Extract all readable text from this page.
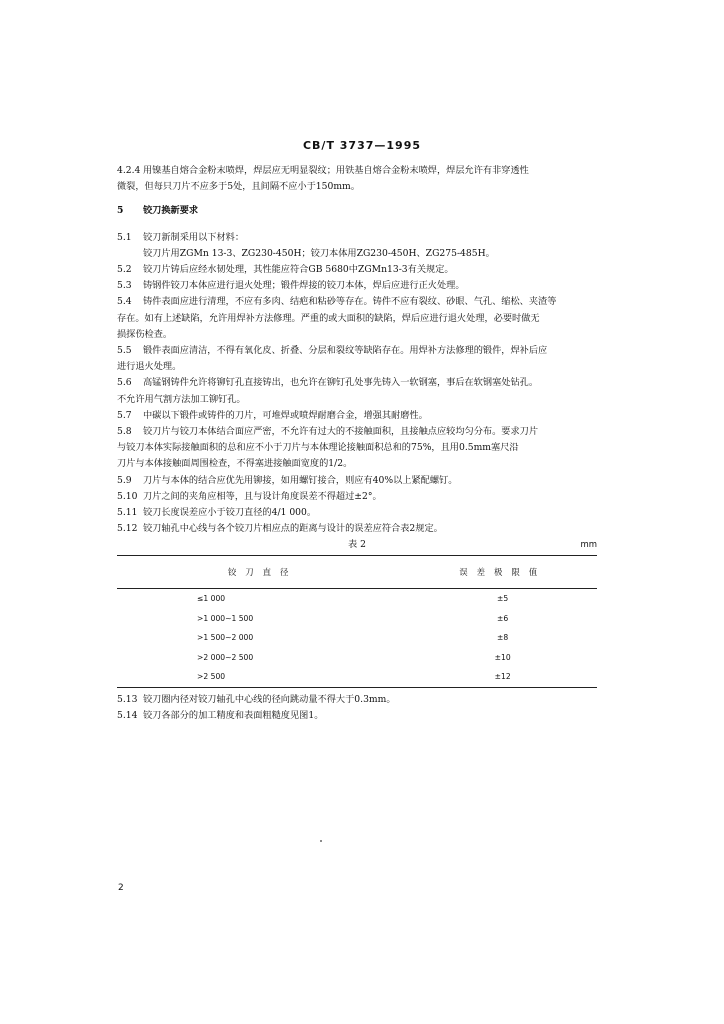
CB/T 3737—1995

4.2.4 用镍基自熔合金粉末喷焊，焊层应无明显裂纹；用铁基自熔合金粉末喷焊，焊层允许有非穿透性

微裂，但每只刀片不应多于5处，且间隔不应小于150mm。

5 铰刀换新要求

5.1 铰刀新制采用以下材料：

铰刀片用ZGMn 13-3、ZG230-450H；铰刀本体用ZG230-450H、ZG275-485H。

5.2 铰刀片铸后应经水韧处理，其性能应符合GB 5680中ZGMn13-3有关规定。

5.3 铸钢件铰刀本体应进行退火处理；锻件焊接的铰刀本体，焊后应进行正火处理。

5.4 铸件表面应进行清理，不应有多肉、结疤和粘砂等存在。铸件不应有裂纹、砂眼、气孔、缩松、夹渣等

存在。如有上述缺陷，允许用焊补方法修理。严重的或大面积的缺陷，焊后应进行退火处理，必要时做无

损探伤检查。

5.5 锻件表面应清洁，不得有氧化皮、折叠、分层和裂纹等缺陷存在。用焊补方法修理的锻件，焊补后应

进行退火处理。

5.6 高锰钢铸件允许将铆钉孔直接铸出，也允许在铆钉孔处事先铸入一软钢塞，事后在软钢塞处钻孔。

不允许用气割方法加工铆钉孔。

5.7 中碳以下锻件或铸件的刀片，可堆焊或喷焊耐磨合金，增强其耐磨性。

5.8 铰刀片与铰刀本体结合面应严密，不允许有过大的不接触面积，且接触点应较均匀分布。要求刀片

与铰刀本体实际接触面积的总和应不小于刀片与本体理论接触面积总和的75%，且用0.5mm塞尺沿

刀片与本体接触面周围检查，不得塞进接触面宽度的1/2。

5.9 刀片与本体的结合应优先用铆接，如用螺钉接合，则应有40%以上紧配螺钉。

5.10 刀片之间的夹角应相等，且与设计角度误差不得超过±2°。

5.11 铰刀长度误差应小于铰刀直径的4/1 000。

5.12 铰刀轴孔中心线与各个铰刀片相应点的距离与设计的误差应符合表2规定。

表 2	mm
铰刀直径	误差极限值
≤1 000	±5
>1 000~1 500	±6
>1 500~2 000	±8
>2 000~2 500	±10
>2 500	±12

5.13 铰刀圈内径对铰刀轴孔中心线的径向跳动量不得大于0.3mm。

5.14 铰刀各部分的加工精度和表面粗糙度见图1。

2
